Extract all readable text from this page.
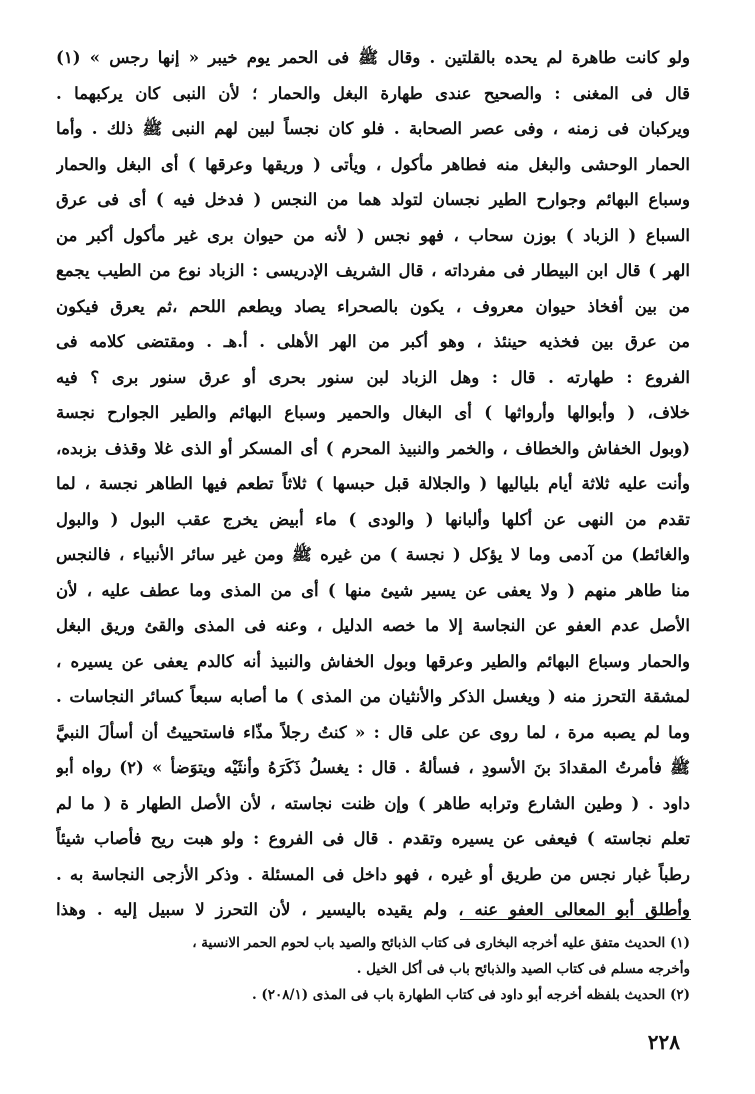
ولو كانت طاهرة لم يحده بالقلتين . وقال ﷺ فى الحمر يوم خيبر « إنها رجس » (١)
قال فى المغنى : والصحيح عندى طهارة البغل والحمار ؛ لأن النبى كان يركبهما .
ويركبان فى زمنه ، وفى عصر الصحابة . فلو كان نجساً لبين لهم النبى ﷺ ذلك . وأما
الحمار الوحشى والبغل منه فطاهر مأكول ، ويأتى ( وريقها وعرقها ) أى البغل والحمار
وسباع البهائم وجوارح الطير نجسان لتولد هما من النجس ( فدخل فيه ) أى فى عرق
السباع ( الزباد ) بوزن سحاب ، فهو نجس ( لأنه من حيوان برى غير مأكول أكبر من
الهر ) قال ابن البيطار فى مفرداته ، قال الشريف الإدريسى : الزباد نوع من الطيب يجمع
من بين أفخاذ حيوان معروف ، يكون بالصحراء يصاد ويطعم اللحم ،ثم يعرق فيكون
من عرق بين فخذيه حينئذ ، وهو أكبر من الهر الأهلى . أ.هـ . ومقتضى كلامه فى
الفروع : طهارته . قال : وهل الزباد لبن سنور بحرى أو عرق سنور برى ؟ فيه
خلاف، ( وأبوالها وأرواثها ) أى البغال والحمير وسباع البهائم والطير الجوارح نجسة
(وبول الخفاش والخطاف ، والخمر والنبيذ المحرم ) أى المسكر أو الذى غلا وقذف بزبده،
وأنت عليه ثلاثة أيام بلياليها ( والجلالة قبل حبسها ) ثلاثاً تطعم فيها الطاهر نجسة ، لما
تقدم من النهى عن أكلها وألبانها ( والودى ) ماء أبيض يخرج عقب البول ( والبول
والغائط) من آدمى وما لا يؤكل ( نجسة ) من غيره ﷺ ومن غير سائر الأنبياء ، فالنجس
منا طاهر منهم ( ولا يعفى عن يسير شيئ منها ) أى من المذى وما عطف عليه ، لأن
الأصل عدم العفو عن النجاسة إلا ما خصه الدليل ، وعنه فى المذى والقئ وريق البغل
والحمار وسباع البهائم والطير وعرقها وبول الخفاش والنبيذ أنه كالدم يعفى عن يسيره ،
لمشقة التحرز منه ( ويغسل الذكر والأنثيان من المذى ) ما أصابه سبعاً كسائر النجاسات .
وما لم يصبه مرة ، لما روى عن على قال : « كنتُ رجلاً مذّاء فاستحييتُ أن أسألَ النبيَّ
ﷺ فأمرتُ المقدادَ بنَ الأسودِ ، فسألهُ . قال : يغسلُ ذَكَرَهُ وأنثَيْه ويتوَضأ » (٢) رواه أبو
داود . ( وطين الشارع وترابه طاهر ) وإن ظنت نجاسته ، لأن الأصل الطهار ة ( ما لم
تعلم نجاسته ) فيعفى عن يسيره وتقدم . قال فى الفروع : ولو هبت ريح فأصاب شيئاً
رطباً غبار نجس من طريق أو غيره ، فهو داخل فى المسئلة . وذكر الأزجى النجاسة به .
وأطلق أبو المعالى العفو عنه ، ولم يقيده باليسير ، لأن التحرز لا سبيل إليه . وهذا
(١) الحديث متفق عليه أخرجه البخارى فى كتاب الذبائح والصيد باب لحوم الحمر الانسية ،
وأخرجه مسلم فى كتاب الصيد والذبائح باب فى أكل الخيل .
(٢) الحديث بلفظه أخرجه أبو داود فى كتاب الطهارة باب فى المذى (٢٠٨/١) .
٢٢٨
